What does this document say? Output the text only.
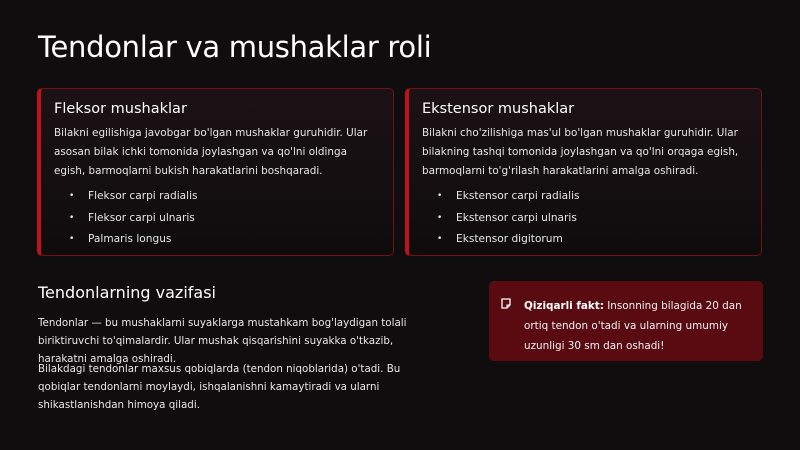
Tendonlar va mushaklar roli
Fleksor mushaklar

Bilakni egilishiga javobgar bo'lgan mushaklar guruhidir. Ular asosan bilak ichki tomonida joylashgan va qo'lni oldinga egish, barmoqlarni bukish harakatlarini boshqaradi.

• Fleksor carpi radialis
• Fleksor carpi ulnaris
• Palmaris longus
Ekstensor mushaklar

Bilakni cho'zilishiga mas'ul bo'lgan mushaklar guruhidir. Ular bilakning tashqi tomonida joylashgan va qo'lni orqaga egish, barmoqlarni to'g'rilash harakatlarini amalga oshiradi.

• Ekstensor carpi radialis
• Ekstensor carpi ulnaris
• Ekstensor digitorum
Tendonlarning vazifasi

Tendonlar — bu mushaklarni suyaklarga mustahkam bog'laydigan tolali biriktiruvchi to'qimalardir. Ular mushak qisqarishini suyakka o'tkazib, harakatni amalga oshiradi.

Bilakdagi tendonlar maxsus qobiqlarda (tendon niqoblarida) o'tadi. Bu qobiqlar tendonlarni moylaydi, ishqalanishni kamaytiradi va ularni shikastlanishdan himoya qiladi.

Qiziqarli fakt: Insonning bilagida 20 dan ortiq tendon o'tadi va ularning umumiy uzunligi 30 sm dan oshadi!
